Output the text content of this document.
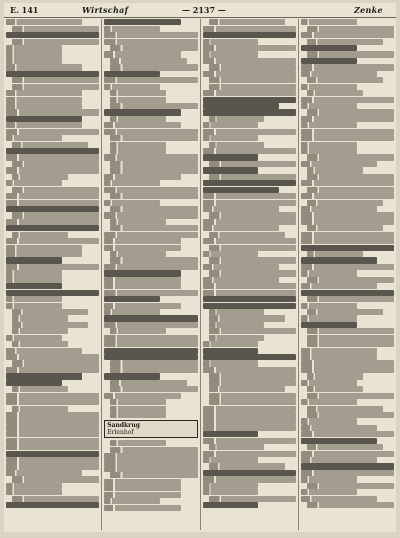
E. 141	Wirtschaf	— 2137 —	Zenke
Sandkrug
Erlenhof
